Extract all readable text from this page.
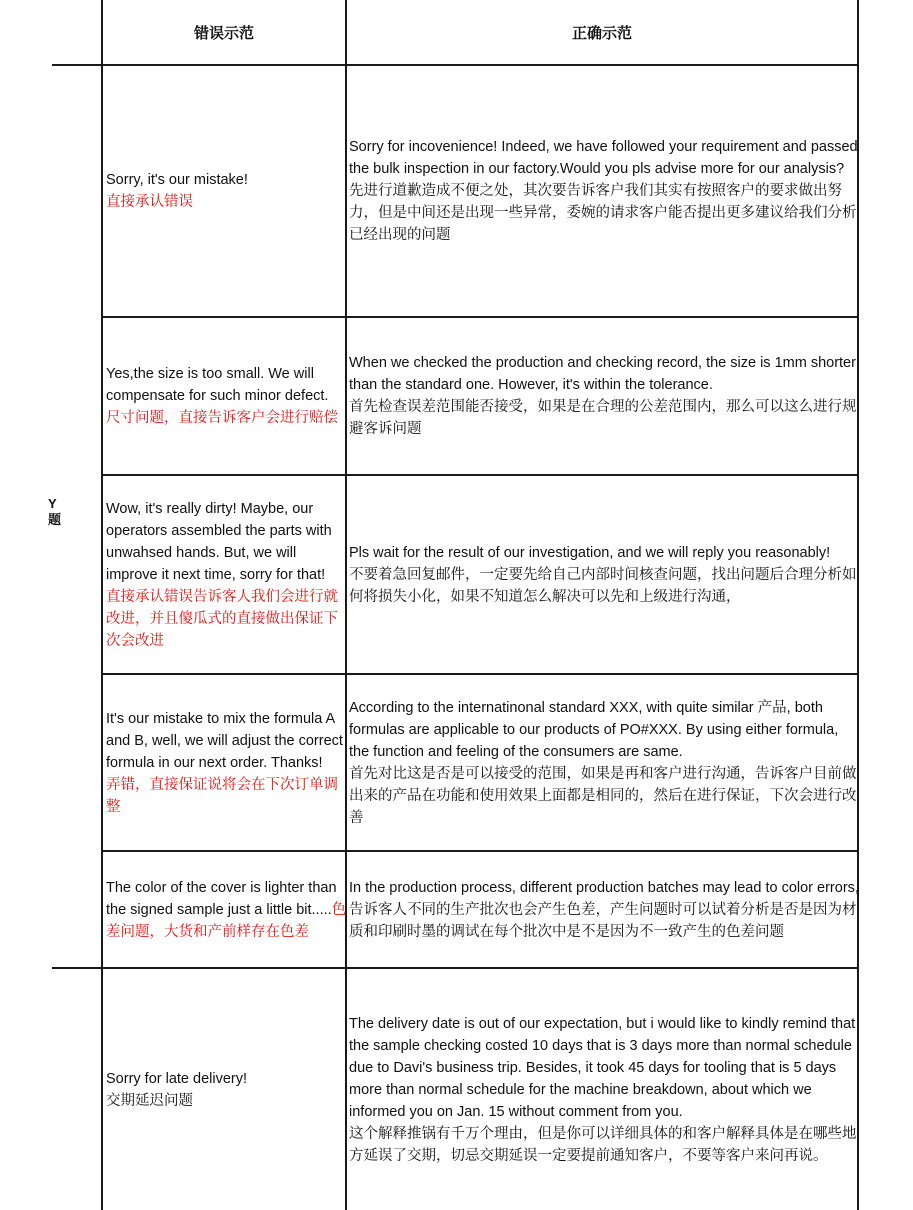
错误示范	正确示范
Y
题

Sorry, it's our mistake!

直接承认错误

Sorry for incovenience! Indeed, we have followed your requirement and passed the bulk inspection in our factory.Would you pls advise more for our analysis?

先进行道歉造成不便之处，其次要告诉客户我们其实有按照客户的要求做出努力，但是中间还是出现一些异常，委婉的请求客户能否提出更多建议给我们分析已经出现的问题

Yes,the size is too small. We will compensate for such minor defect.

尺寸问题，直接告诉客户会进行赔偿

When we checked the production and checking record, the size is 1mm shorter than the standard one. However, it's within the tolerance.

首先检查误差范围能否接受，如果是在合理的公差范围内，那么可以这么进行规避客诉问题

Wow, it's really dirty! Maybe, our operators assembled the parts with unwahsed hands. But, we will improve it next time, sorry for that!

直接承认错误告诉客人我们会进行就改进，并且傻瓜式的直接做出保证下次会改进

Pls wait for the result of our investigation, and we will reply you reasonably!

不要着急回复邮件，一定要先给自己内部时间核查问题，找出问题后合理分析如何将损失小化，如果不知道怎么解决可以先和上级进行沟通，

It's our mistake to mix the formula A and B, well, we will adjust the correct formula in our next order. Thanks!

弄错，直接保证说将会在下次订单调整

According to the internatinonal standard XXX, with quite similar 产品, both formulas are applicable to our products of PO#XXX. By using either formula, the function and feeling of the consumers are same.

首先对比这是否是可以接受的范围，如果是再和客户进行沟通，告诉客户目前做出来的产品在功能和使用效果上面都是相同的，然后在进行保证，下次会进行改善

The color of the cover is lighter than the signed sample just a little bit.....色差问题，大货和产前样存在色差

In the production process, different production batches may lead to color errors,告诉客人不同的生产批次也会产生色差，产生问题时可以试着分析是否是因为材质和印刷时墨的调试在每个批次中是不是因为不一致产生的色差问题

Sorry for late delivery!

交期延迟问题

The delivery date is out of our expectation, but i would like to kindly remind that the sample checking costed 10 days that is 3 days more than normal schedule due to Davi's business trip. Besides, it took 45 days for tooling that is 5 days more than normal schedule for the machine breakdown, about which we informed you on Jan. 15 without comment from you.

这个解释推锅有千万个理由，但是你可以详细具体的和客户解释具体是在哪些地方延误了交期，切忌交期延误一定要提前通知客户，不要等客户来问再说。
